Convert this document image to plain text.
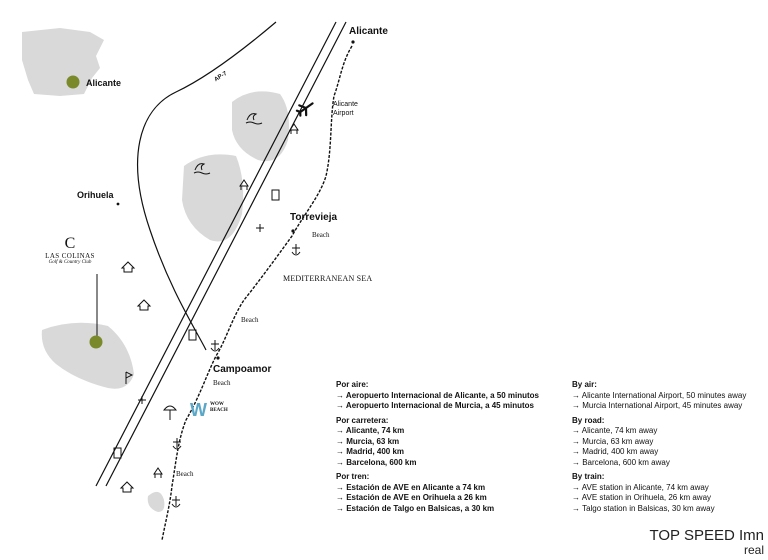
Alicante
Alicante
Airport
Torrevieja
Orihuela
Campoamor
Alicante
MEDITERRANEAN SEA
AP-7
Beach
Beach
Beach
Beach
C
LAS COLINAS
Golf & Country Club
W WOW
BEACH
Por aire:
→ Aeropuerto Internacional de Alicante, a 50 minutos
→ Aeropuerto Internacional de Murcia, a 45 minutos
Por carretera:
→ Alicante, 74 km
→ Murcia, 63 km
→ Madrid, 400 km
→ Barcelona, 600 km
Por tren:
→ Estación de AVE en Alicante a 74 km
→ Estación de AVE en Orihuela a 26 km
→ Estación de Talgo en Balsicas, a 30 km
By air:
→ Alicante International Airport, 50 minutes away
→ Murcia International Airport, 45 minutes away
By road:
→ Alicante, 74 km away
→ Murcia, 63 km away
→ Madrid, 400 km away
→ Barcelona, 600 km away
By train:
→ AVE station in Alicante, 74 km away
→ AVE station in Orihuela, 26 km away
→ Talgo station in Balsicas, 30 km away
TOP SPEED Imn
real
